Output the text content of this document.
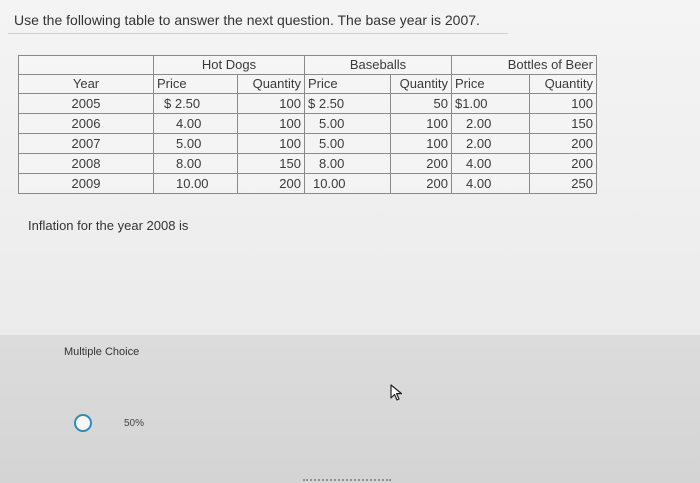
Use the following table to answer the next question. The base year is 2007.
	Hot Dogs		Baseballs		Bottles of Beer	
Year	Price	Quantity	Price	Quantity	Price	Quantity
2005	$ 2.50	100	$ 2.50	50	$1.00	100
2006	4.00	100	5.00	100	2.00	150
2007	5.00	100	5.00	100	2.00	200
2008	8.00	150	8.00	200	4.00	200
2009	10.00	200	10.00	200	4.00	250
Inflation for the year 2008 is
Multiple Choice
50%
